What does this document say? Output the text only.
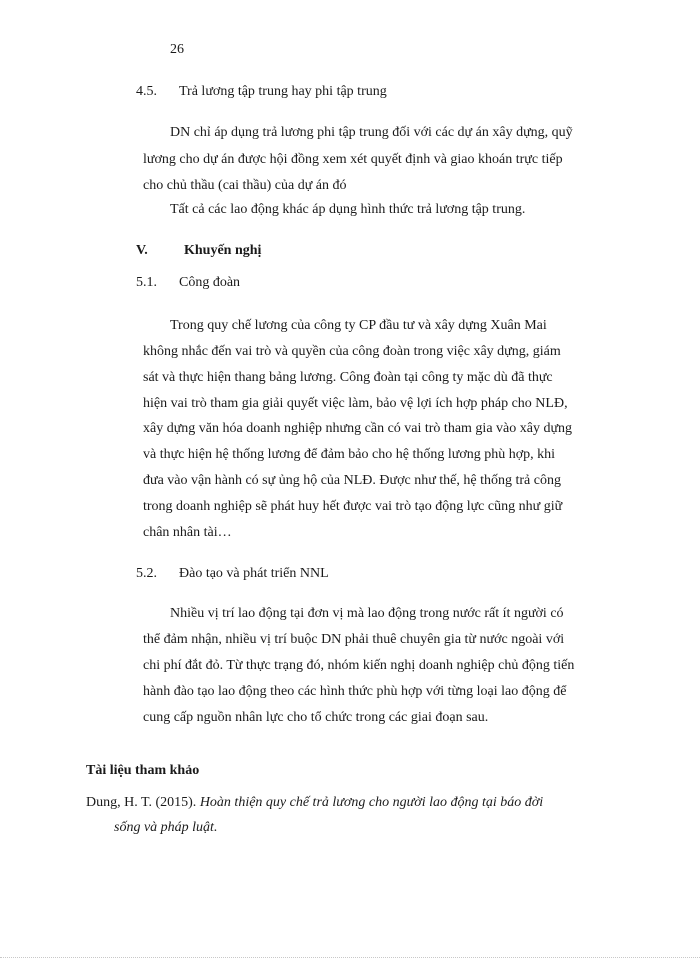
26
4.5. Trả lương tập trung hay phi tập trung
DN chỉ áp dụng trả lương phi tập trung đối với các dự án xây dựng, quỹ
lương cho dự án được hội đồng xem xét quyết định và giao khoán trực tiếp
cho chủ thầu (cai thầu) của dự án đó
Tất cả các lao động khác áp dụng hình thức trả lương tập trung.
V.	Khuyến nghị
5.1. Công đoàn
Trong quy chế lương của công ty CP đầu tư và xây dựng Xuân Mai
không nhắc đến vai trò và quyền của công đoàn trong việc xây dựng, giám
sát và thực hiện thang bảng lương. Công đoàn tại công ty mặc dù đã thực
hiện vai trò tham gia giải quyết việc làm, bảo vệ lợi ích hợp pháp cho NLĐ,
xây dựng văn hóa doanh nghiệp nhưng cần có vai trò tham gia vào xây dựng
và thực hiện hệ thống lương để đảm bảo cho hệ thống lương phù hợp, khi
đưa vào vận hành có sự ủng hộ của NLĐ. Được như thế, hệ thống trả công
trong doanh nghiệp sẽ phát huy hết được vai trò tạo động lực cũng như giữ
chân nhân tài…
5.2. Đào tạo và phát triển NNL
Nhiều vị trí lao động tại đơn vị mà lao động trong nước rất ít người có
thể đảm nhận, nhiều vị trí buộc DN phải thuê chuyên gia từ nước ngoài với
chi phí đắt đỏ. Từ thực trạng đó, nhóm kiến nghị doanh nghiệp chủ động tiến
hành đào tạo lao động theo các hình thức phù hợp với từng loại lao động để
cung cấp nguồn nhân lực cho tổ chức trong các giai đoạn sau.
Tài liệu tham khảo
Dung, H. T. (2015). Hoàn thiện quy chế trả lương cho người lao động tại báo đời
sống và pháp luật.
